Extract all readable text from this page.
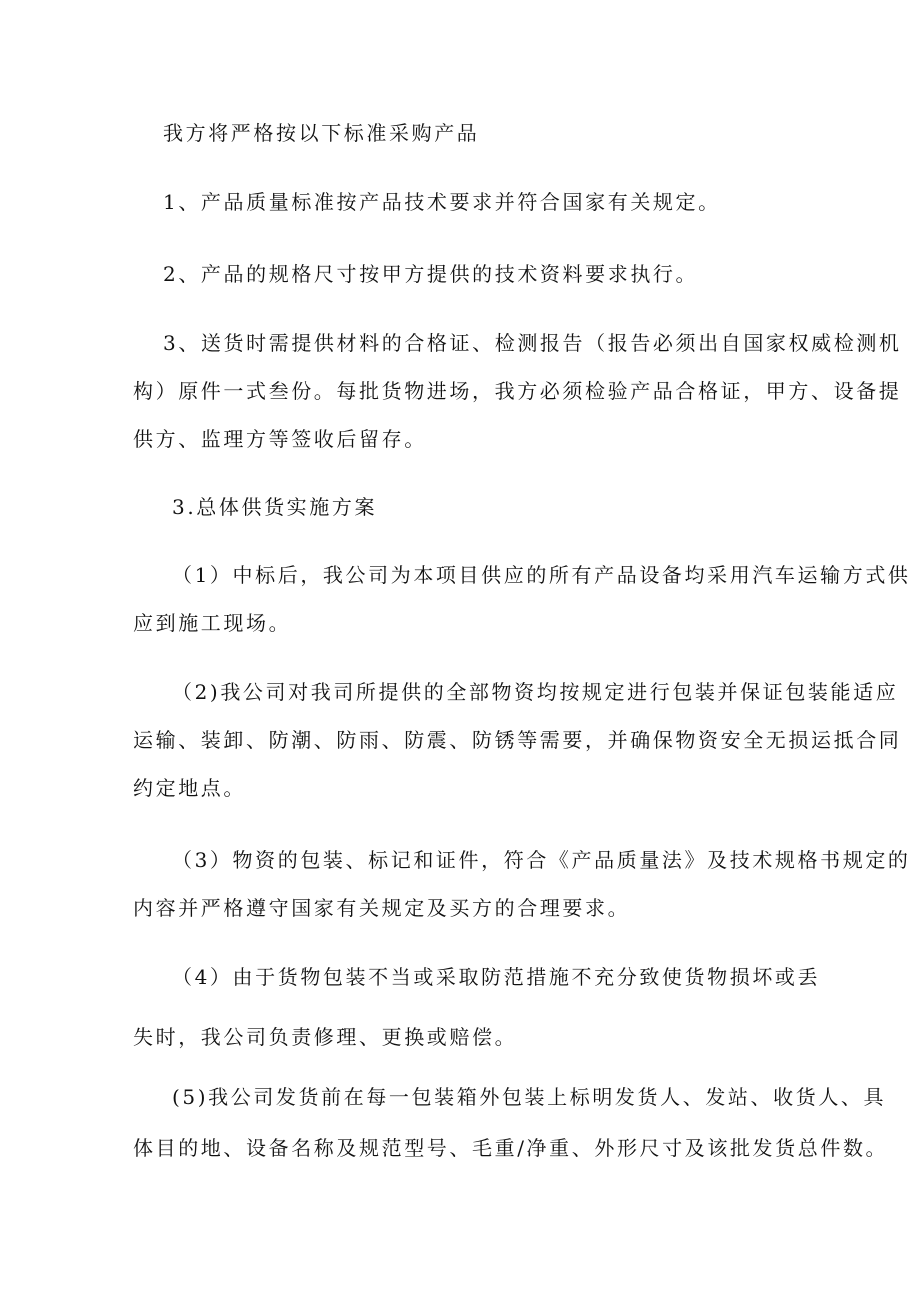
我方将严格按以下标准采购产品

1、产品质量标准按产品技术要求并符合国家有关规定。

2、产品的规格尺寸按甲方提供的技术资料要求执行。

3、送货时需提供材料的合格证、检测报告（报告必须出自国家权威检测机

构）原件一式叁份。每批货物进场，我方必须检验产品合格证，甲方、设备提

供方、监理方等签收后留存。

3.总体供货实施方案

（1）中标后，我公司为本项目供应的所有产品设备均采用汽车运输方式供

应到施工现场。

（2)我公司对我司所提供的全部物资均按规定进行包装并保证包装能适应

运输、装卸、防潮、防雨、防震、防锈等需要，并确保物资安全无损运抵合同

约定地点。

（3）物资的包装、标记和证件，符合《产品质量法》及技术规格书规定的

内容并严格遵守国家有关规定及买方的合理要求。

（4）由于货物包装不当或采取防范措施不充分致使货物损坏或丢

失时，我公司负责修理、更换或赔偿。

(5)我公司发货前在每一包装箱外包装上标明发货人、发站、收货人、具

体目的地、设备名称及规范型号、毛重/净重、外形尺寸及该批发货总件数。
